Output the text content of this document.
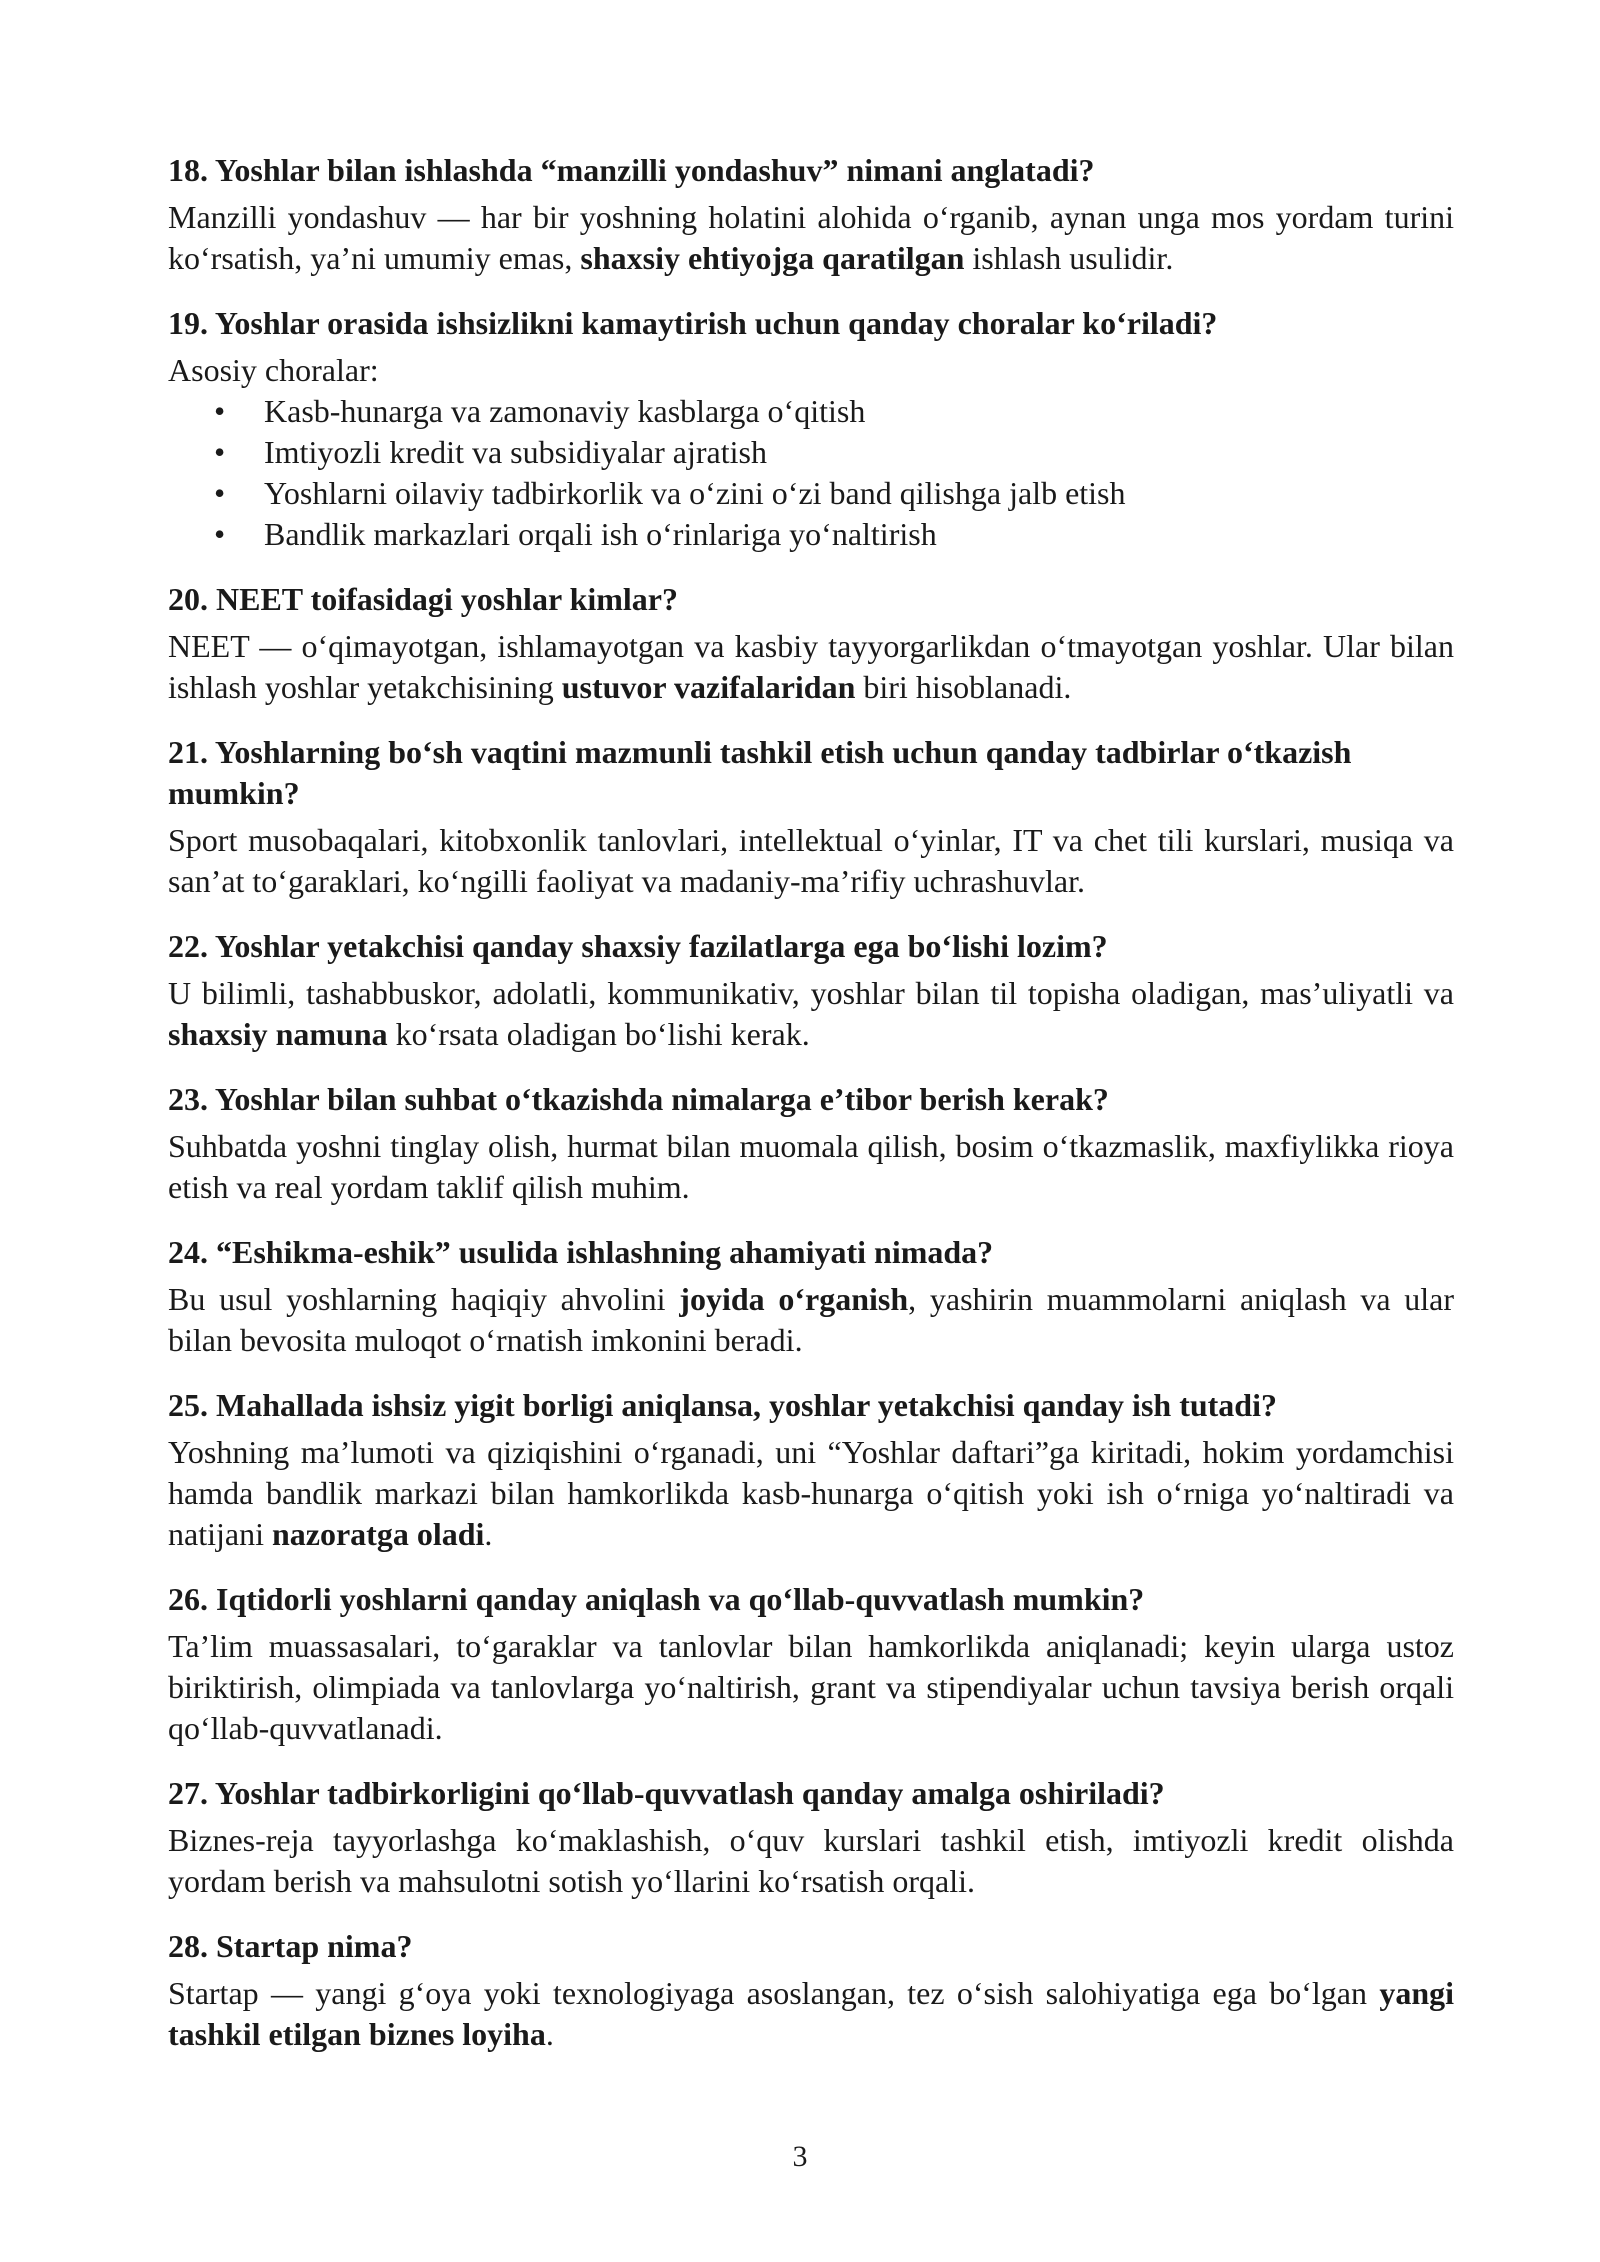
18. Yoshlar bilan ishlashda “manzilli yondashuv” nimani anglatadi?

Manzilli yondashuv — har bir yoshning holatini alohida oʻrganib, aynan unga mos yordam turini koʻrsatish, yaʼni umumiy emas, shaxsiy ehtiyojga qaratilgan ishlash usulidir.

19. Yoshlar orasida ishsizlikni kamaytirish uchun qanday choralar koʻriladi?

Asosiy choralar:

• Kasb-hunarga va zamonaviy kasblarga oʻqitish
• Imtiyozli kredit va subsidiyalar ajratish
• Yoshlarni oilaviy tadbirkorlik va oʻzini oʻzi band qilishga jalb etish
• Bandlik markazlari orqali ish oʻrinlariga yoʻnaltirish

20. NEET toifasidagi yoshlar kimlar?

NEET — oʻqimayotgan, ishlamayotgan va kasbiy tayyorgarlikdan oʻtmayotgan yoshlar. Ular bilan ishlash yoshlar yetakchisining ustuvor vazifalaridan biri hisoblanadi.

21. Yoshlarning boʻsh vaqtini mazmunli tashkil etish uchun qanday tadbirlar oʻtkazish mumkin?

Sport musobaqalari, kitobxonlik tanlovlari, intellektual oʻyinlar, IT va chet tili kurslari, musiqa va sanʼat toʻgaraklari, koʻngilli faoliyat va madaniy-maʼrifiy uchrashuvlar.

22. Yoshlar yetakchisi qanday shaxsiy fazilatlarga ega boʻlishi lozim?

U bilimli, tashabbuskor, adolatli, kommunikativ, yoshlar bilan til topisha oladigan, masʼuliyatli va shaxsiy namuna koʻrsata oladigan boʻlishi kerak.

23. Yoshlar bilan suhbat oʻtkazishda nimalarga eʼtibor berish kerak?

Suhbatda yoshni tinglay olish, hurmat bilan muomala qilish, bosim oʻtkazmaslik, maxfiylikka rioya etish va real yordam taklif qilish muhim.

24. “Eshikma-eshik” usulida ishlashning ahamiyati nimada?

Bu usul yoshlarning haqiqiy ahvolini joyida oʻrganish, yashirin muammolarni aniqlash va ular bilan bevosita muloqot oʻrnatish imkonini beradi.

25. Mahallada ishsiz yigit borligi aniqlansa, yoshlar yetakchisi qanday ish tutadi?

Yoshning maʼlumoti va qiziqishini oʻrganadi, uni “Yoshlar daftari”ga kiritadi, hokim yordamchisi hamda bandlik markazi bilan hamkorlikda kasb-hunarga oʻqitish yoki ish oʻrniga yoʻnaltiradi va natijani nazoratga oladi.

26. Iqtidorli yoshlarni qanday aniqlash va qoʻllab-quvvatlash mumkin?

Taʼlim muassasalari, toʻgaraklar va tanlovlar bilan hamkorlikda aniqlanadi; keyin ularga ustoz biriktirish, olimpiada va tanlovlarga yoʻnaltirish, grant va stipendiyalar uchun tavsiya berish orqali qoʻllab-quvvatlanadi.

27. Yoshlar tadbirkorligini qoʻllab-quvvatlash qanday amalga oshiriladi?

Biznes-reja tayyorlashga koʻmaklashish, oʻquv kurslari tashkil etish, imtiyozli kredit olishda yordam berish va mahsulotni sotish yoʻllarini koʻrsatish orqali.

28. Startap nima?

Startap — yangi gʻoya yoki texnologiyaga asoslangan, tez oʻsish salohiyatiga ega boʻlgan yangi tashkil etilgan biznes loyiha.

3
